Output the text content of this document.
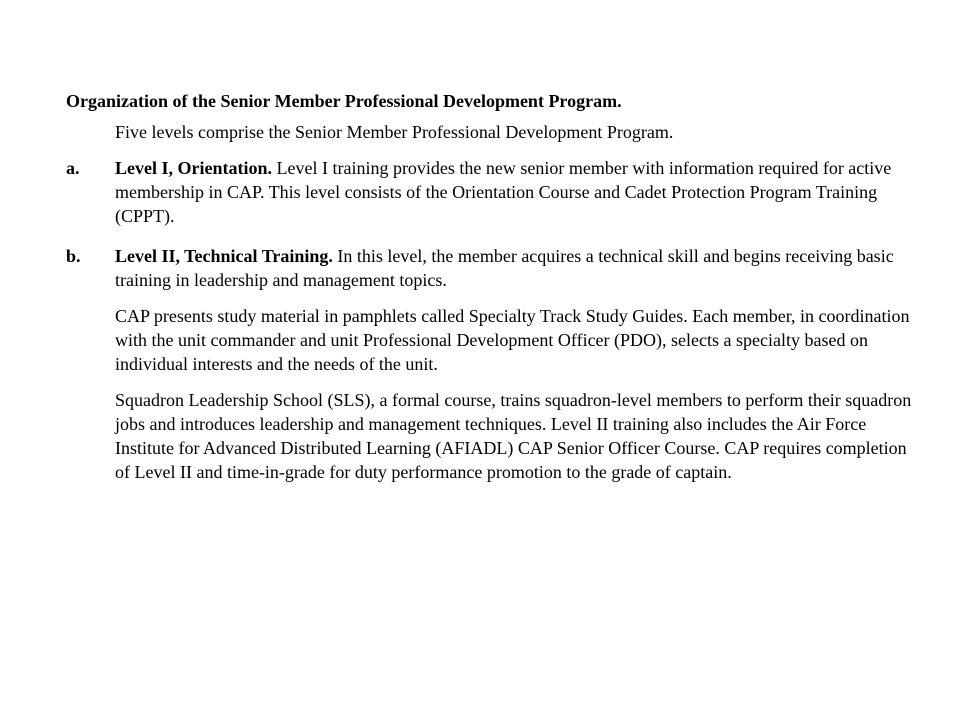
Organization of the Senior Member Professional Development Program.

Five levels comprise the Senior Member Professional Development Program.

a. Level I, Orientation. Level I training provides the new senior member with information required for active membership in CAP. This level consists of the Orientation Course and Cadet Protection Program Training (CPPT).
b. Level II, Technical Training. In this level, the member acquires a technical skill and begins receiving basic training in leadership and management topics.

CAP presents study material in pamphlets called Specialty Track Study Guides. Each member, in coordination with the unit commander and unit Professional Development Officer (PDO), selects a specialty based on individual interests and the needs of the unit.

Squadron Leadership School (SLS), a formal course, trains squadron-level members to perform their squadron jobs and introduces leadership and management techniques. Level II training also includes the Air Force Institute for Advanced Distributed Learning (AFIADL) CAP Senior Officer Course. CAP requires completion of Level II and time-in-grade for duty performance promotion to the grade of captain.
